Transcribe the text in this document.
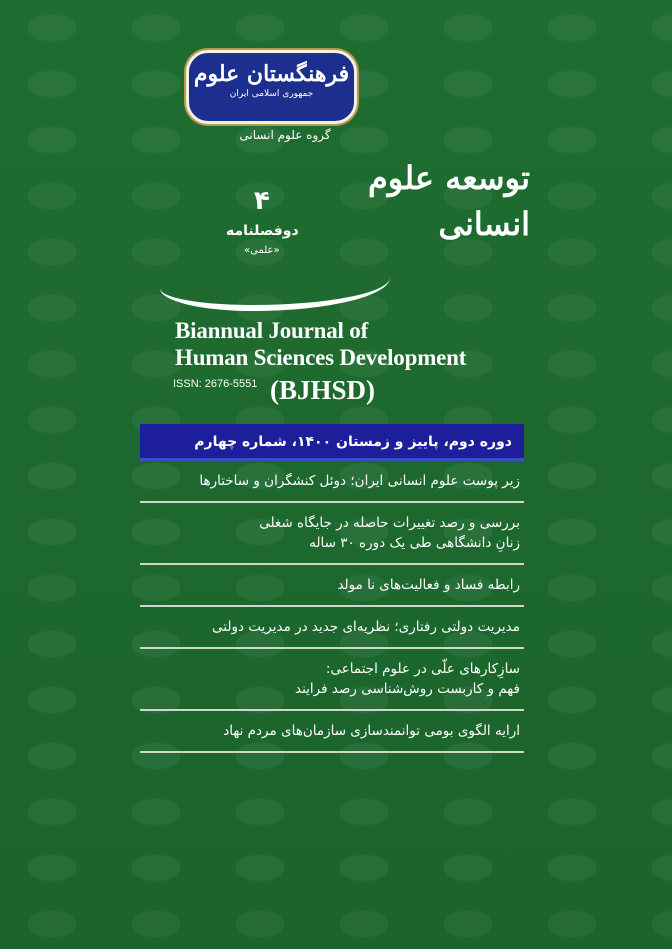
فرهنگستان علوم
جمهوری اسلامی ایران
گروه علوم انسانی
توسعه علوم
انسانی
۴
دوفصلنامه
«علمی»
Biannual Journal of
Human Sciences Development
ISSN: 2676-5551 (BJHSD)
دوره دوم، پاییز و زمستان ۱۴۰۰، شماره چهارم
زیر پوست علوم انسانی ایران؛ دوئل کنشگران و ساختارها
بررسی و رصد تغییرات حاصله در جایگاه شغلی
زنانِ دانشگاهی طی یک دوره ۳۰ ساله
رابطه فساد و فعالیت‌های نا مولد
مدیریت دولتی رفتاری؛ نظریه‌ای جدید در مدیریت دولتی
سازِکارهای علّی در علوم اجتماعی:
فهم و کاربست روش‌شناسی رصد فرایند
ارایه الگوی بومی توانمندسازی سازمان‌های مردم نهاد
